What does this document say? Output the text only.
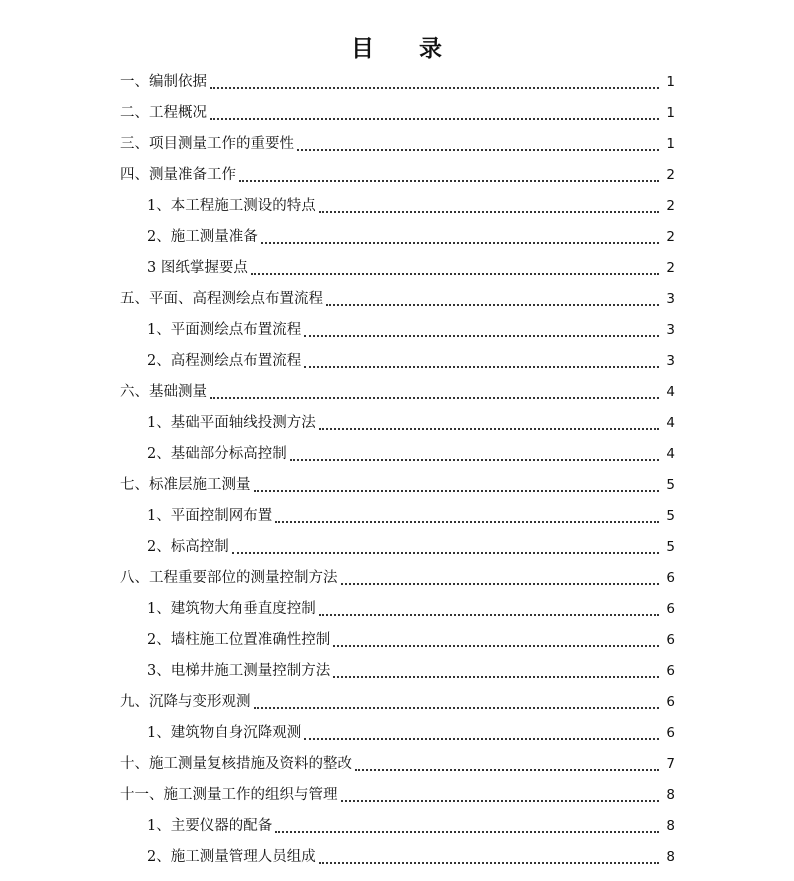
目 录
一、编制依据	1
二、工程概况	1
三、项目测量工作的重要性	1
四、测量准备工作	2
1、本工程施工测设的特点	2
2、施工测量准备	2
3 图纸掌握要点	2
五、平面、高程测绘点布置流程	3
1、平面测绘点布置流程	3
2、高程测绘点布置流程	3
六、基础测量	4
1、基础平面轴线投测方法	4
2、基础部分标高控制	4
七、标准层施工测量	5
1、平面控制网布置	5
2、标高控制	5
八、工程重要部位的测量控制方法	6
1、建筑物大角垂直度控制	6
2、墙柱施工位置准确性控制	6
3、电梯井施工测量控制方法	6
九、沉降与变形观测	6
1、建筑物自身沉降观测	6
十、施工测量复核措施及资料的整改	7
十一、施工测量工作的组织与管理	8
1、主要仪器的配备	8
2、施工测量管理人员组成	8
